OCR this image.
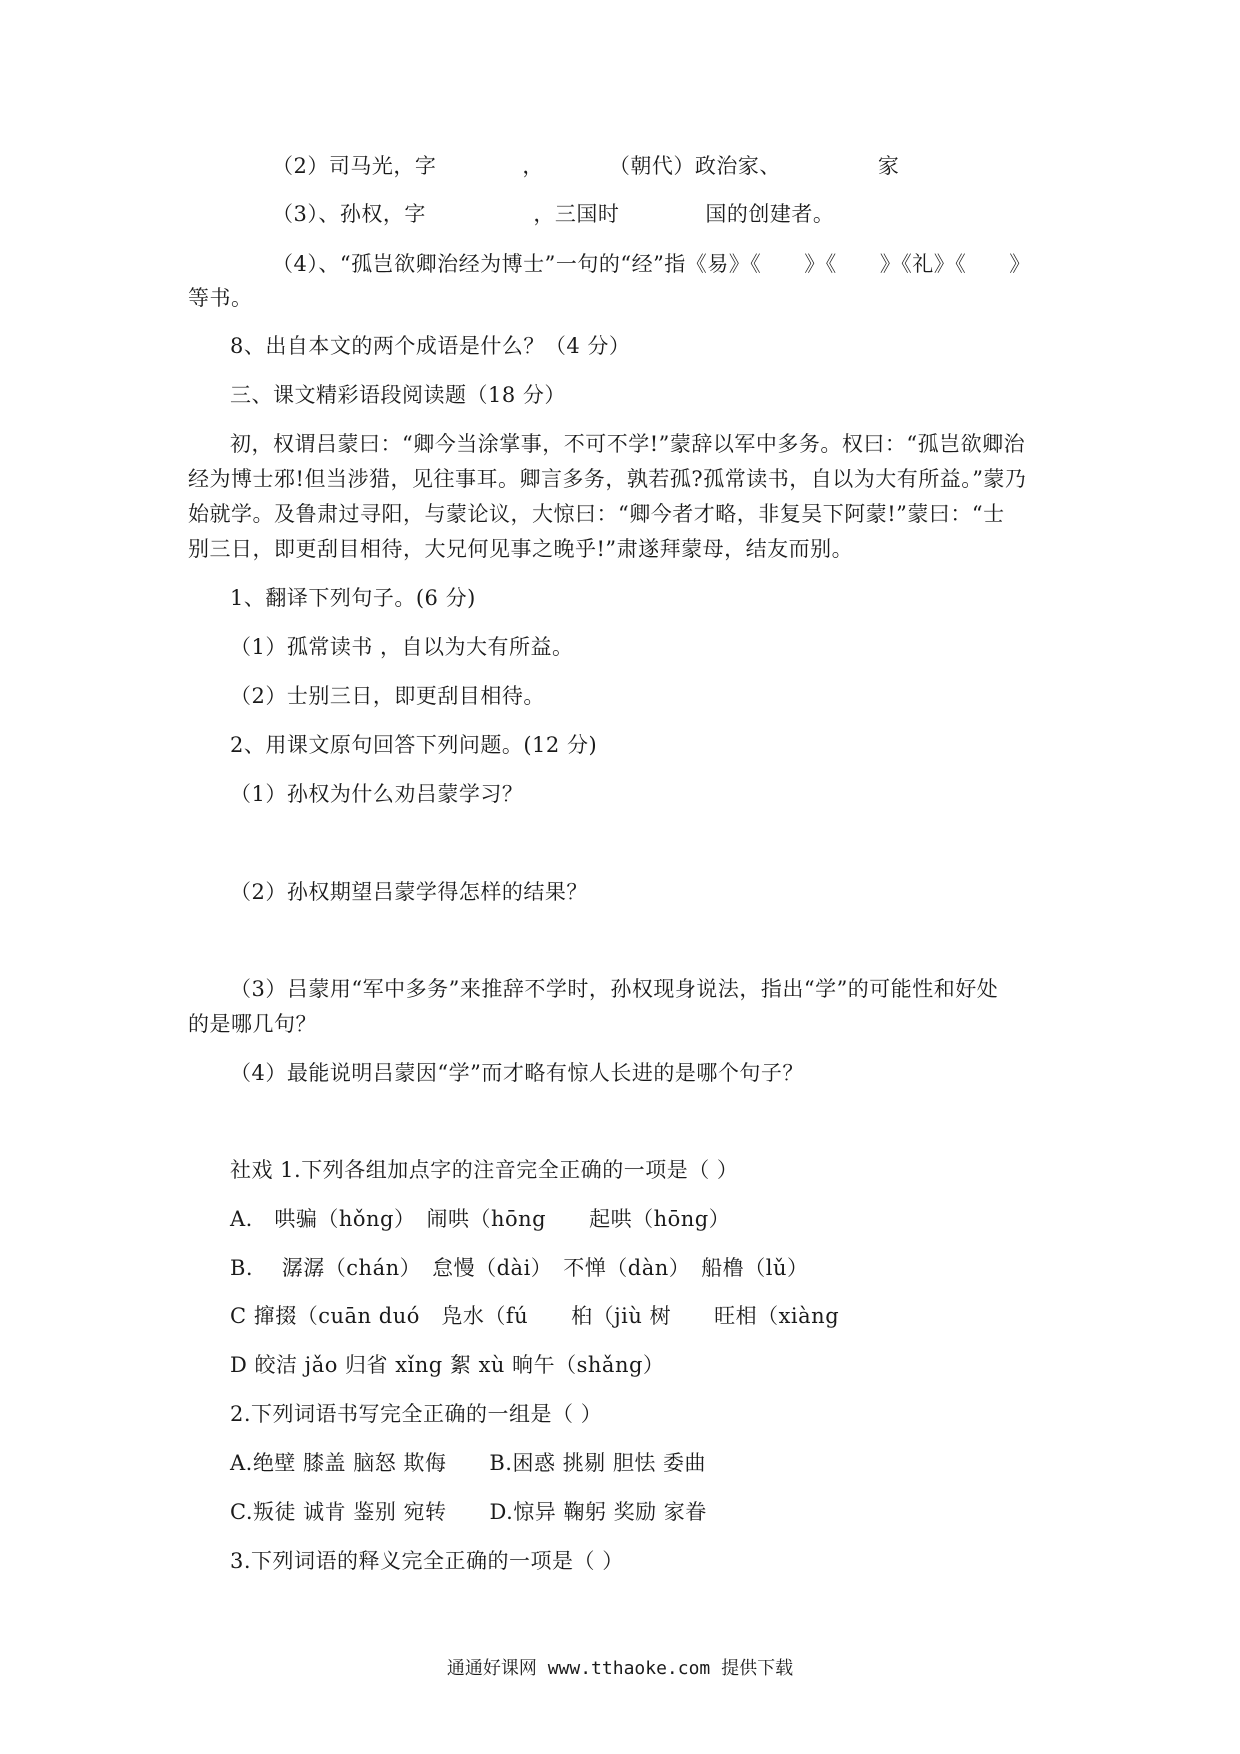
（2）司马光，字　　　　，　　　　（朝代）政治家、　　　　　家
（3）、孙权，字　　　　　，三国时　　　　国的创建者。
（4）、“孤岂欲卿治经为博士”一句的“经”指《易》《　　》《　　》《礼》《　　》
等书。
8、出自本文的两个成语是什么？（4 分）
三、课文精彩语段阅读题（18 分）
初，权谓吕蒙曰：“卿今当涂掌事，不可不学!”蒙辞以军中多务。权曰：“孤岂欲卿治
经为博士邪!但当涉猎，见往事耳。卿言多务，孰若孤?孤常读书，自以为大有所益。”蒙乃
始就学。及鲁肃过寻阳，与蒙论议，大惊曰：“卿今者才略，非复吴下阿蒙!”蒙曰：“士
别三日，即更刮目相待，大兄何见事之晚乎!”肃遂拜蒙母，结友而别。
1、翻译下列句子。(6 分)
（1）孤常读书 ，自以为大有所益。
（2）士别三日，即更刮目相待。
2、用课文原句回答下列问题。(12 分)
（1）孙权为什么劝吕蒙学习？
（2）孙权期望吕蒙学得怎样的结果？
（3）吕蒙用“军中多务”来推辞不学时，孙权现身说法，指出“学”的可能性和好处
的是哪几句？
（4）最能说明吕蒙因“学”而才略有惊人长进的是哪个句子？
社戏 1.下列各组加点字的注音完全正确的一项是（ ）
A.　哄骗（hǒng）　闹哄（hōng　　起哄（hōng）
B.　 潺潺（chán）　怠慢（dài）　不惮（dàn）　船橹（lǔ）
C 撺掇（cuān duó　凫水（fú　　桕（jiù 树　　旺相（xiàng
D 皎洁 jǎo 归省 xǐng 絮 xù 晌午（shǎng）
2.下列词语书写完全正确的一组是（ ）
A.绝壁 膝盖 脑怒 欺侮　　B.困惑 挑剔 胆怯 委曲
C.叛徒 诚肯 鉴别 宛转　　D.惊异 鞠躬 奖励 家眷
3.下列词语的释义完全正确的一项是（ ）
通通好课网 www.tthaoke.com 提供下载
